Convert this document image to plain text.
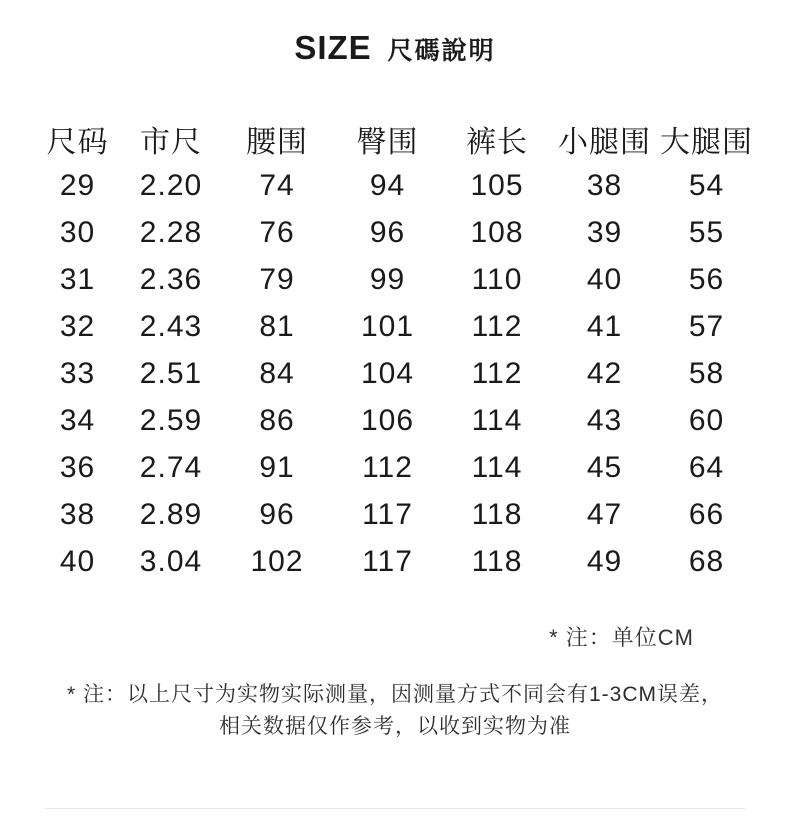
SIZE 尺碼說明
尺码	市尺	腰围	臀围	裤长	小腿围	大腿围
29	2.20	74	94	105	38	54
30	2.28	76	96	108	39	55
31	2.36	79	99	110	40	56
32	2.43	81	101	112	41	57
33	2.51	84	104	112	42	58
34	2.59	86	106	114	43	60
36	2.74	91	112	114	45	64
38	2.89	96	117	118	47	66
40	3.04	102	117	118	49	68
* 注：单位CM
* 注：以上尺寸为实物实际测量，因测量方式不同会有1-3CM误差，
相关数据仅作参考，以收到实物为准
